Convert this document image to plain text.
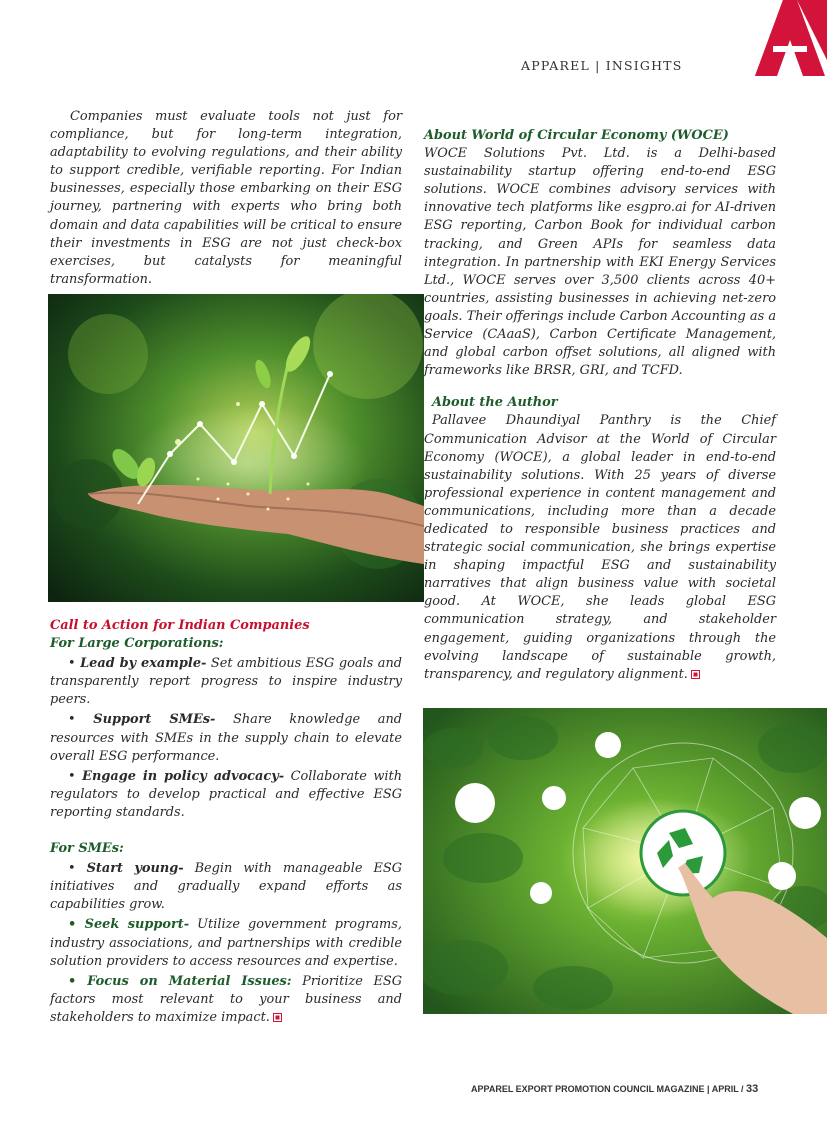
APPAREL | INSIGHTS

Companies must evaluate tools not just for compliance, but for long-term integration, adaptability to evolving regulations, and their ability to support credible, verifiable reporting. For Indian businesses, especially those embarking on their ESG journey, partnering with experts who bring both domain and data capabilities will be critical to ensure their investments in ESG are not just check-box exercises, but catalysts for meaningful transformation.

Call to Action for Indian Companies
For Large Corporations:

• Lead by example- Set ambitious ESG goals and transparently report progress to inspire industry peers.

• Support SMEs- Share knowledge and resources with SMEs in the supply chain to elevate overall ESG performance.

• Engage in policy advocacy- Collaborate with regulators to develop practical and effective ESG reporting standards.

For SMEs:

• Start young- Begin with manageable ESG initiatives and gradually expand efforts as capabilities grow.

• Seek support- Utilize government programs, industry associations, and partnerships with credible solution providers to access resources and expertise.

• Focus on Material Issues: Prioritize ESG factors most relevant to your business and stakeholders to maximize impact.

About World of Circular Economy (WOCE)

WOCE Solutions Pvt. Ltd. is a Delhi-based sustainability startup offering end-to-end ESG solutions. WOCE combines advisory services with innovative tech platforms like esgpro.ai for AI-driven ESG reporting, Carbon Book for individual carbon tracking, and Green APIs for seamless data integration. In partnership with EKI Energy Services Ltd., WOCE serves over 3,500 clients across 40+ countries, assisting businesses in achieving net-zero goals. Their offerings include Carbon Accounting as a Service (CAaaS), Carbon Certificate Management, and global carbon offset solutions, all aligned with frameworks like BRSR, GRI, and TCFD.

About the Author

Pallavee Dhaundiyal Panthry is the Chief Communication Advisor at the World of Circular Economy (WOCE), a global leader in end-to-end sustainability solutions. With 25 years of diverse professional experience in content management and communications, including more than a decade dedicated to responsible business practices and strategic social communication, she brings expertise in shaping impactful ESG and sustainability narratives that align business value with societal good. At WOCE, she leads global ESG communication strategy, and stakeholder engagement, guiding organizations through the evolving landscape of sustainable growth, transparency, and regulatory alignment.

APPAREL EXPORT PROMOTION COUNCIL MAGAZINE | APRIL / 33
